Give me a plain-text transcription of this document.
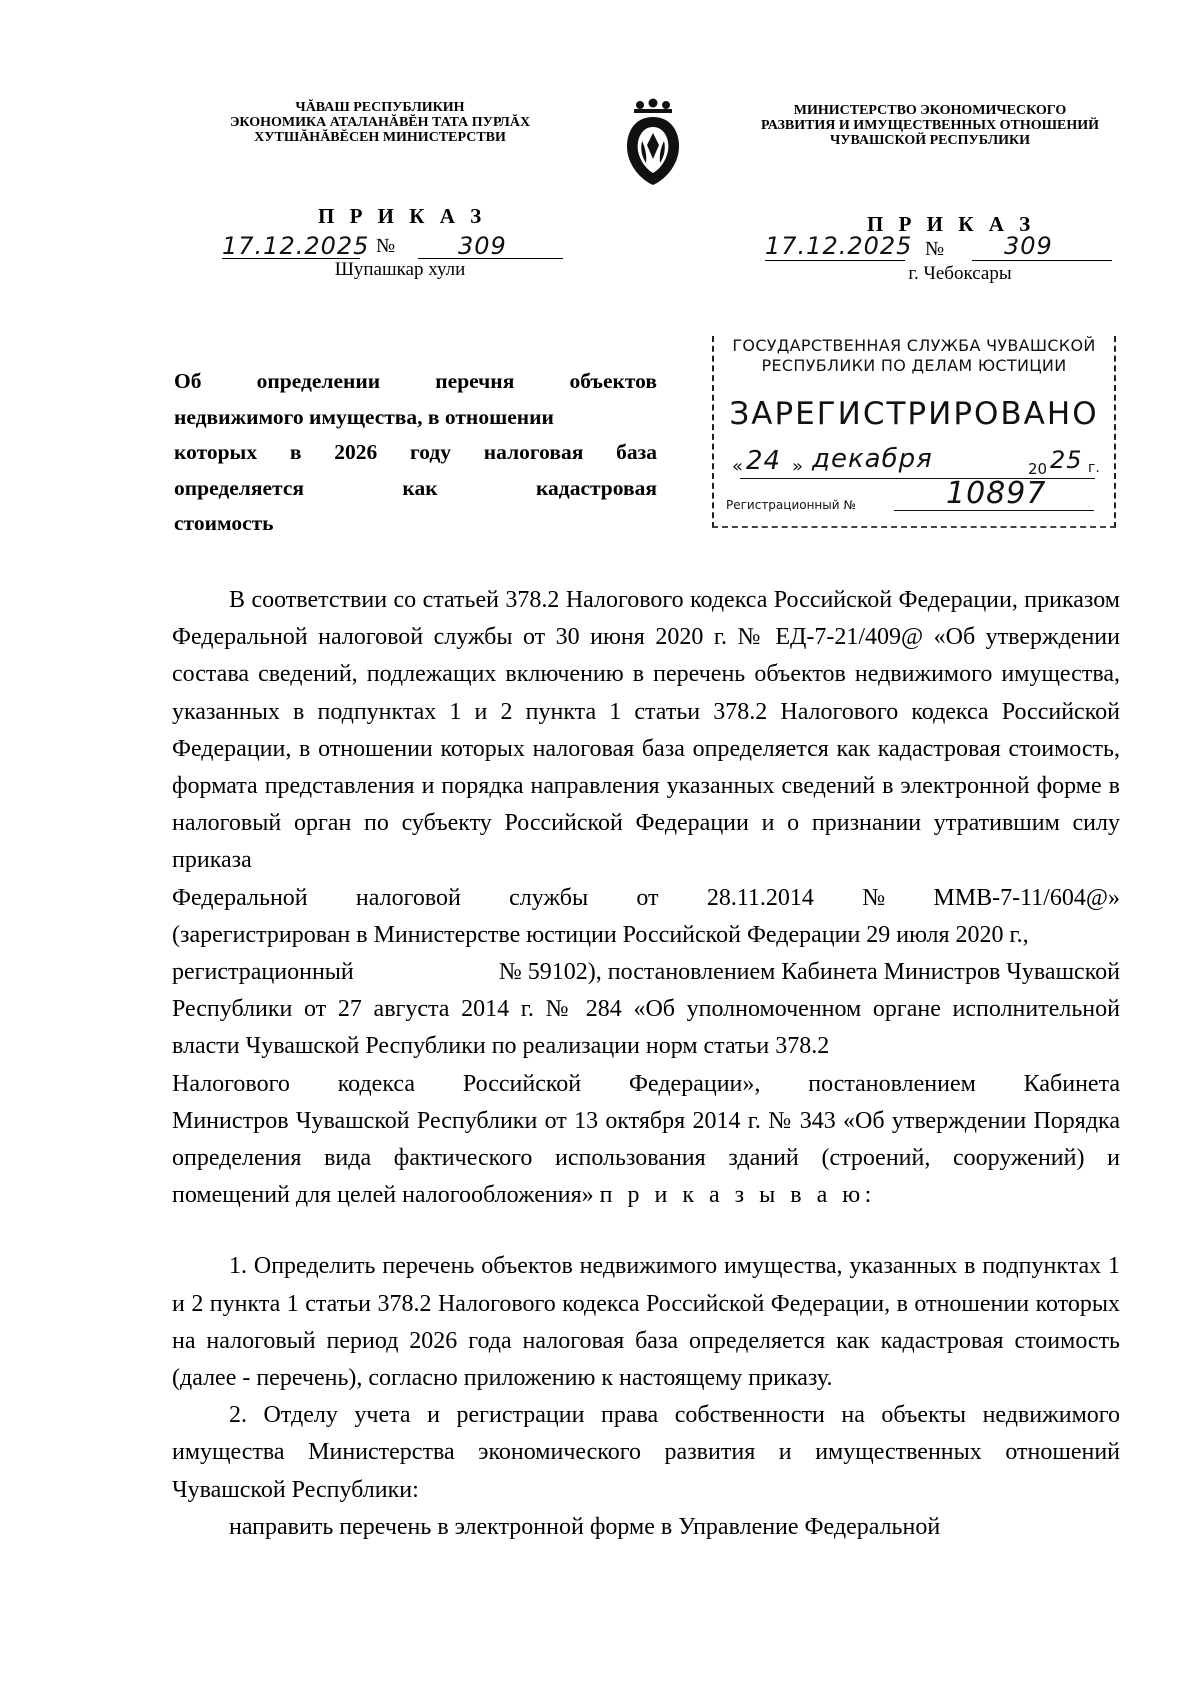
ЧĂВАШ РЕСПУБЛИКИН
ЭКОНОМИКА АТАЛАНĂВĔН ТАТА ПУРЛĂХ
ХУТШĂНĂВĔСЕН МИНИСТЕРСТВИ
МИНИСТЕРСТВО ЭКОНОМИЧЕСКОГО
РАЗВИТИЯ И ИМУЩЕСТВЕННЫХ ОТНОШЕНИЙ
ЧУВАШСКОЙ РЕСПУБЛИКИ
П Р И К А З
17.12.2025 №	309
Шупашкар хули
П Р И К А З
17.12.2025 №	309
г. Чебоксары
ГОСУДАРСТВЕННАЯ СЛУЖБА ЧУВАШСКОЙ
РЕСПУБЛИКИ ПО ДЕЛАМ ЮСТИЦИИ
ЗАРЕГИСТРИРОВАНО
« 24 » декабря	20 25 г.
Регистрационный №	10897
Об	определении	перечня	объектов
недвижимого имущества, в отношении
которых в 2026 году налоговая база
определяется	как	кадастровая
стоимость

В соответствии со статьей 378.2 Налогового кодекса Российской Федерации, приказом Федеральной налоговой службы от 30 июня 2020 г. № ЕД-7-21/409@ «Об утверждении состава сведений, подлежащих включению в перечень объектов недвижимого имущества, указанных в подпунктах 1 и 2 пункта 1 статьи 378.2 Налогового кодекса Российской Федерации, в отношении которых налоговая база определяется как кадастровая стоимость, формата представления и порядка направления указанных сведений в электронной форме в налоговый орган по субъекту Российской Федерации и о признании утратившим силу приказа

Федеральной налоговой службы от 28.11.2014 № ММВ-7-11/604@»
(зарегистрирован в Министерстве юстиции Российской Федерации 29 июля 2020 г.,
регистрационный	№ 59102), постановлением Кабинета Министров Чувашской

Республики от 27 августа 2014 г. № 284 «Об уполномоченном органе исполнительной власти Чувашской Республики по реализации норм статьи 378.2

Налогового кодекса Российской Федерации», постановлением Кабинета

Министров Чувашской Республики от 13 октября 2014 г. № 343 «Об утверждении Порядка определения вида фактического использования зданий (строений, сооружений) и помещений для целей налогообложения» п р и к а з ы в а ю:

1. Определить перечень объектов недвижимого имущества, указанных в подпунктах 1 и 2 пункта 1 статьи 378.2 Налогового кодекса Российской Федерации, в отношении которых на налоговый период 2026 года налоговая база определяется как кадастровая стоимость (далее - перечень), согласно приложению к настоящему приказу.

2. Отделу учета и регистрации права собственности на объекты недвижимого имущества Министерства экономического развития и имущественных отношений Чувашской Республики:

направить перечень в электронной форме в Управление Федеральной
